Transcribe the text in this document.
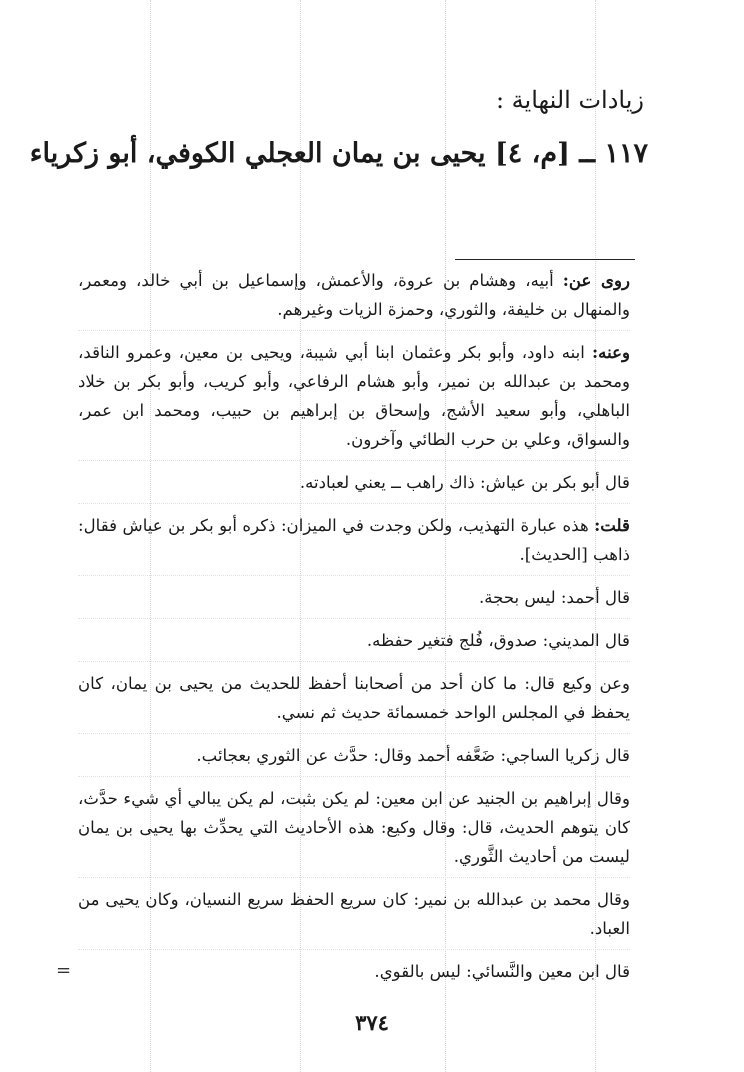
زيادات النهاية :
١١٧ ــ [م، ٤] يحيى بن يمان العجلي الكوفي، أبو زكرياء

روى عن: أبيه، وهشام بن عروة، والأعمش، وإسماعيل بن أبي خالد، ومعمر، والمنهال بن خليفة، والثوري، وحمزة الزيات وغيرهم.

وعنه: ابنه داود، وأبو بكر وعثمان ابنا أبي شيبة، ويحيى بن معين، وعمرو الناقد، ومحمد بن عبدالله بن نمير، وأبو هشام الرفاعي، وأبو كريب، وأبو بكر بن خلاد الباهلي، وأبو سعيد الأشج، وإسحاق بن إبراهيم بن حبيب، ومحمد ابن عمر، والسواق، وعلي بن حرب الطائي وآخرون.

قال أبو بكر بن عياش: ذاك راهب ــ يعني لعبادته.

قلت: هذه عبارة التهذيب، ولكن وجدت في الميزان: ذكره أبو بكر بن عياش فقال: ذاهب [الحديث].

قال أحمد: ليس بحجة.

قال المديني: صدوق، فُلج فتغير حفظه.

وعن وكيع قال: ما كان أحد من أصحابنا أحفظ للحديث من يحيى بن يمان، كان يحفظ في المجلس الواحد خمسمائة حديث ثم نسي.

قال زكريا الساجي: ضَعَّفه أحمد وقال: حدَّث عن الثوري بعجائب.

وقال إبراهيم بن الجنيد عن ابن معين: لم يكن بثبت، لم يكن يبالي أي شيء حدَّث، كان يتوهم الحديث، قال: وقال وكيع: هذه الأحاديث التي يحدِّث بها يحيى بن يمان ليست من أحاديث الثَّوري.

وقال محمد بن عبدالله بن نمير: كان سريع الحفظ سريع النسيان، وكان يحيى من العباد.

قال ابن معين والنَّسائي: ليس بالقوي.

=
٣٧٤
